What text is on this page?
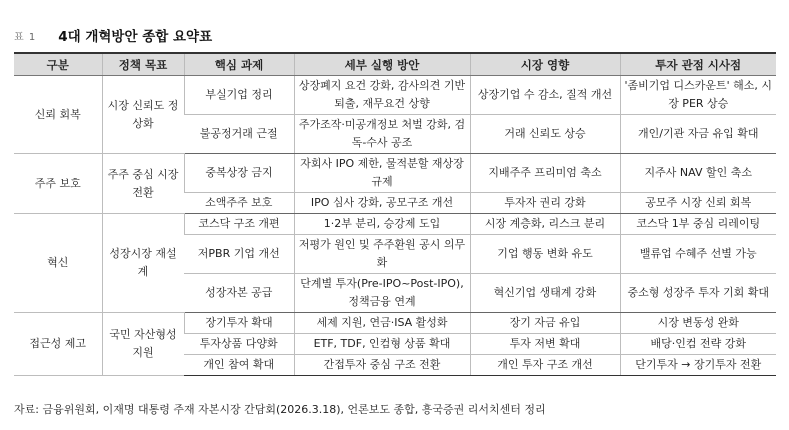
표 1 4대 개혁방안 종합 요약표
구분	정책 목표	핵심 과제	세부 실행 방안	시장 영향	투자 관점 시사점
신뢰 회복	시장 신뢰도 정상화	부실기업 정리	상장폐지 요건 강화, 감사의견 기반 퇴출, 재무요건 상향	상장기업 수 감소, 질적 개선	'좀비기업 디스카운트' 해소, 시장 PER 상승
		불공정거래 근절	주가조작·미공개정보 처벌 강화, 검독-수사 공조	거래 신뢰도 상승	개인/기관 자금 유입 확대
주주 보호	주주 중심 시장 전환	중복상장 금지	자회사 IPO 제한, 물적분할 재상장 규제	지배주주 프리미엄 축소	지주사 NAV 할인 축소
		소액주주 보호	IPO 심사 강화, 공모구조 개선	투자자 권리 강화	공모주 시장 신뢰 회복
혁신	성장시장 재설계	코스닥 구조 개편	1·2부 분리, 승강제 도입	시장 계층화, 리스크 분리	코스닥 1부 중심 리레이팅
		저PBR 기업 개선	저평가 원인 및 주주환원 공시 의무화	기업 행동 변화 유도	밸류업 수혜주 선별 가능
		성장자본 공급	단계별 투자(Pre-IPO~Post-IPO), 정책금융 연계	혁신기업 생태계 강화	중소형 성장주 투자 기회 확대
접근성 제고	국민 자산형성 지원	장기투자 확대	세제 지원, 연금·ISA 활성화	장기 자금 유입	시장 변동성 완화
		투자상품 다양화	ETF, TDF, 인컴형 상품 확대	투자 저변 확대	배당·인컴 전략 강화
		개인 참여 확대	간접투자 중심 구조 전환	개인 투자 구조 개선	단기투자 → 장기투자 전환
자료: 금융위원회, 이재명 대통령 주재 자본시장 간담회(2026.3.18), 언론보도 종합, 흥국증권 리서치센터 정리
